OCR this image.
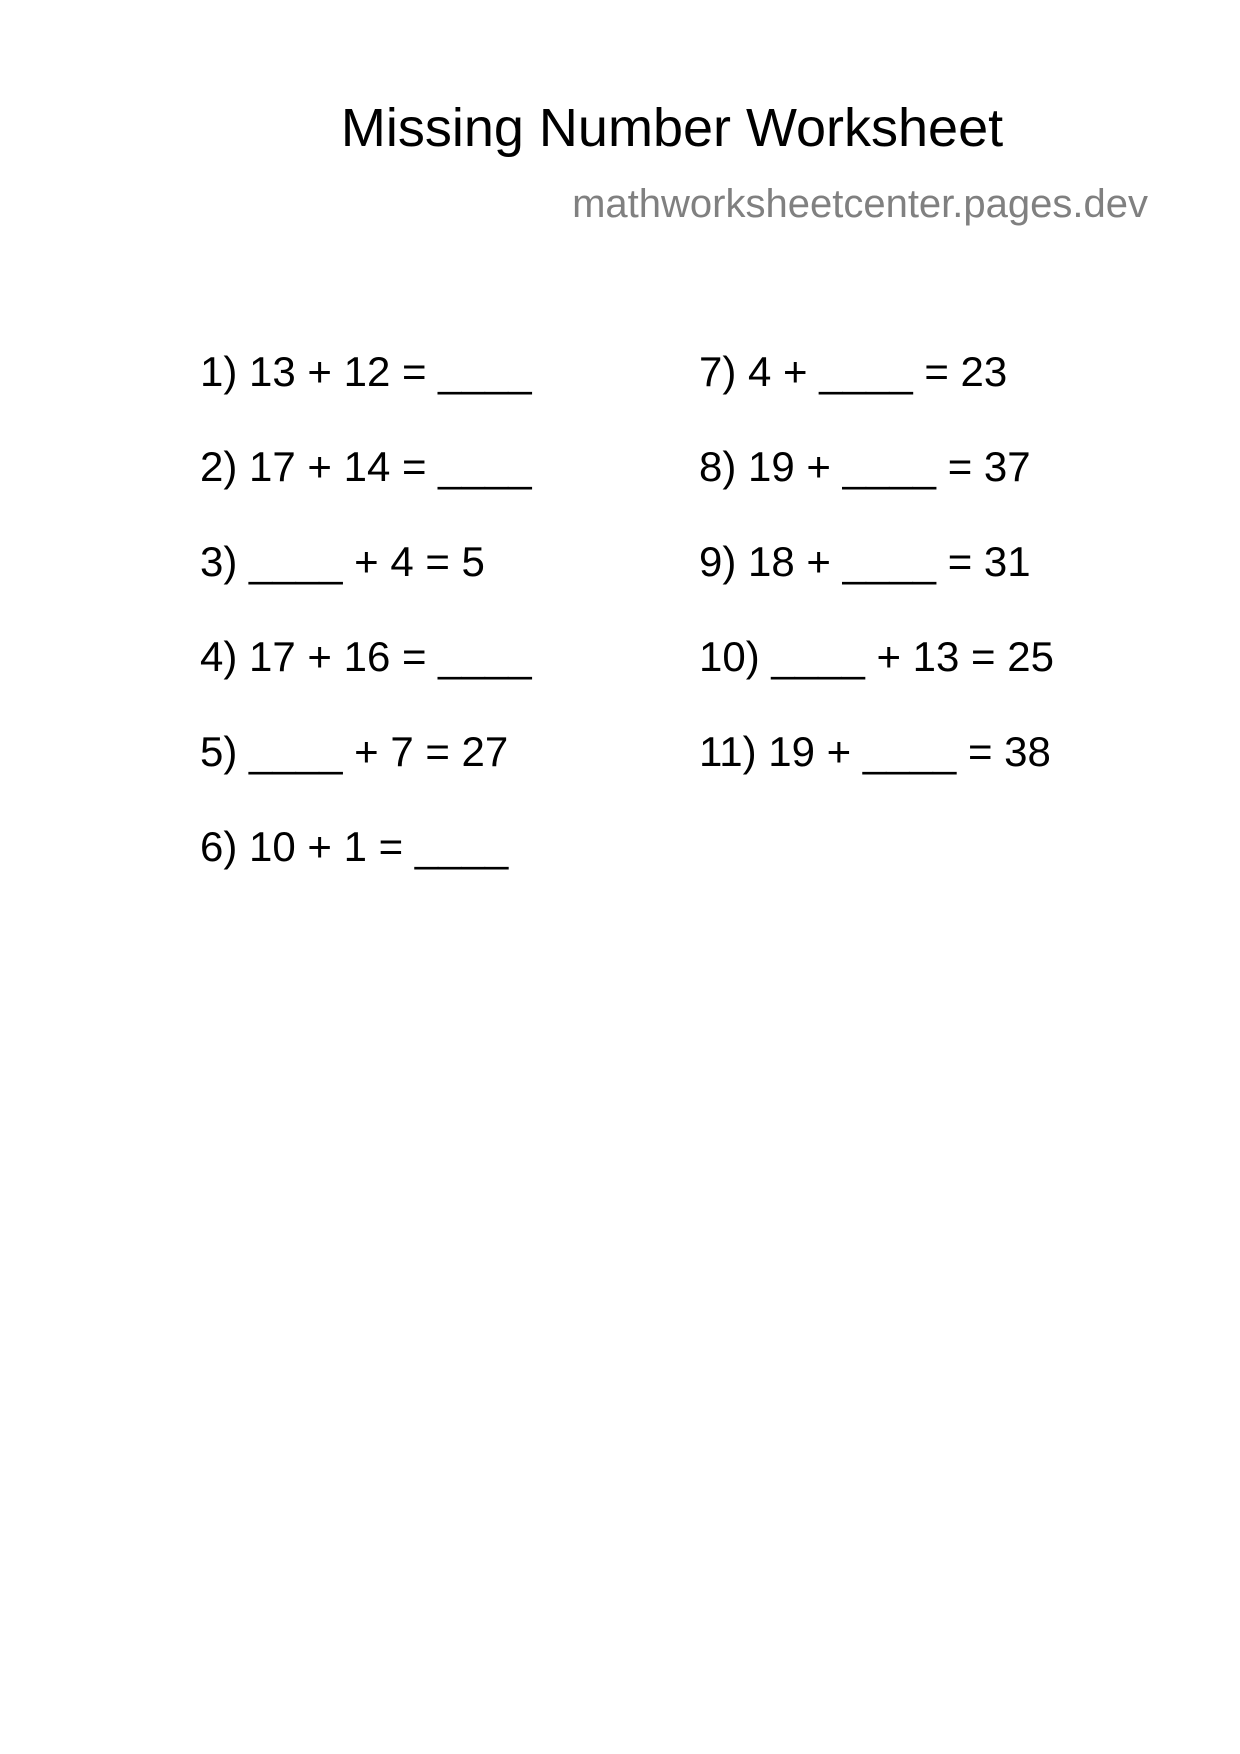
Missing Number Worksheet
mathworksheetcenter.pages.dev
1) 13 + 12 = ____
2) 17 + 14 = ____
3) ____ + 4 = 5
4) 17 + 16 = ____
5) ____ + 7 = 27
6) 10 + 1 = ____
7) 4 + ____ = 23
8) 19 + ____ = 37
9) 18 + ____ = 31
10) ____ + 13 = 25
11) 19 + ____ = 38
